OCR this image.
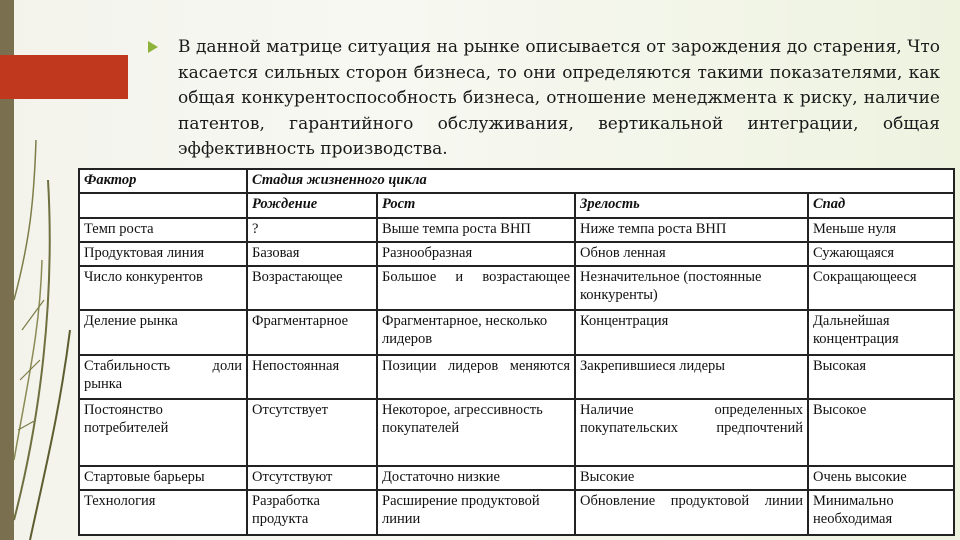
В данной матрице ситуация на рынке описывается от зарождения до старения, Что касается сильных сторон бизнеса, то они определяются такими показателями, как общая конкурентоспособность бизнеса, отношение менеджмента к риску, наличие патентов, гарантийного обслуживания, вертикальной интеграции, общая эффективность производства.
Фактор	Стадия жизненного цикла			
	Рождение	Рост	Зрелость	Спад
Темп роста	?	Выше темпа роста ВНП	Ниже темпа роста ВНП	Меньше нуля
Продуктовая линия	Базовая	Разнообразная	Обнов ленная	Сужающаяся
Число конкурентов	Возрастающее	Большое и возрастающее	Незначительное (постоянные конкуренты)	Сокращающееся
Деление рынка	Фрагментарное	Фрагментарное, несколько лидеров	Концентрация	Дальнейшая концентрация
Стабильность доли рынка	Непостоянная	Позиции лидеров меняются	Закрепившиеся лидеры	Высокая
Постоянство потребителей	Отсутствует	Некоторое, агрессивность покупателей	Наличие определенных покупательских предпочтений	Высокое
Стартовые барьеры	Отсутствуют	Достаточно низкие	Высокие	Очень высокие
Технология	Разработка продукта	Расширение продуктовой линии	Обновление продуктовой линии	Минимально необходимая
